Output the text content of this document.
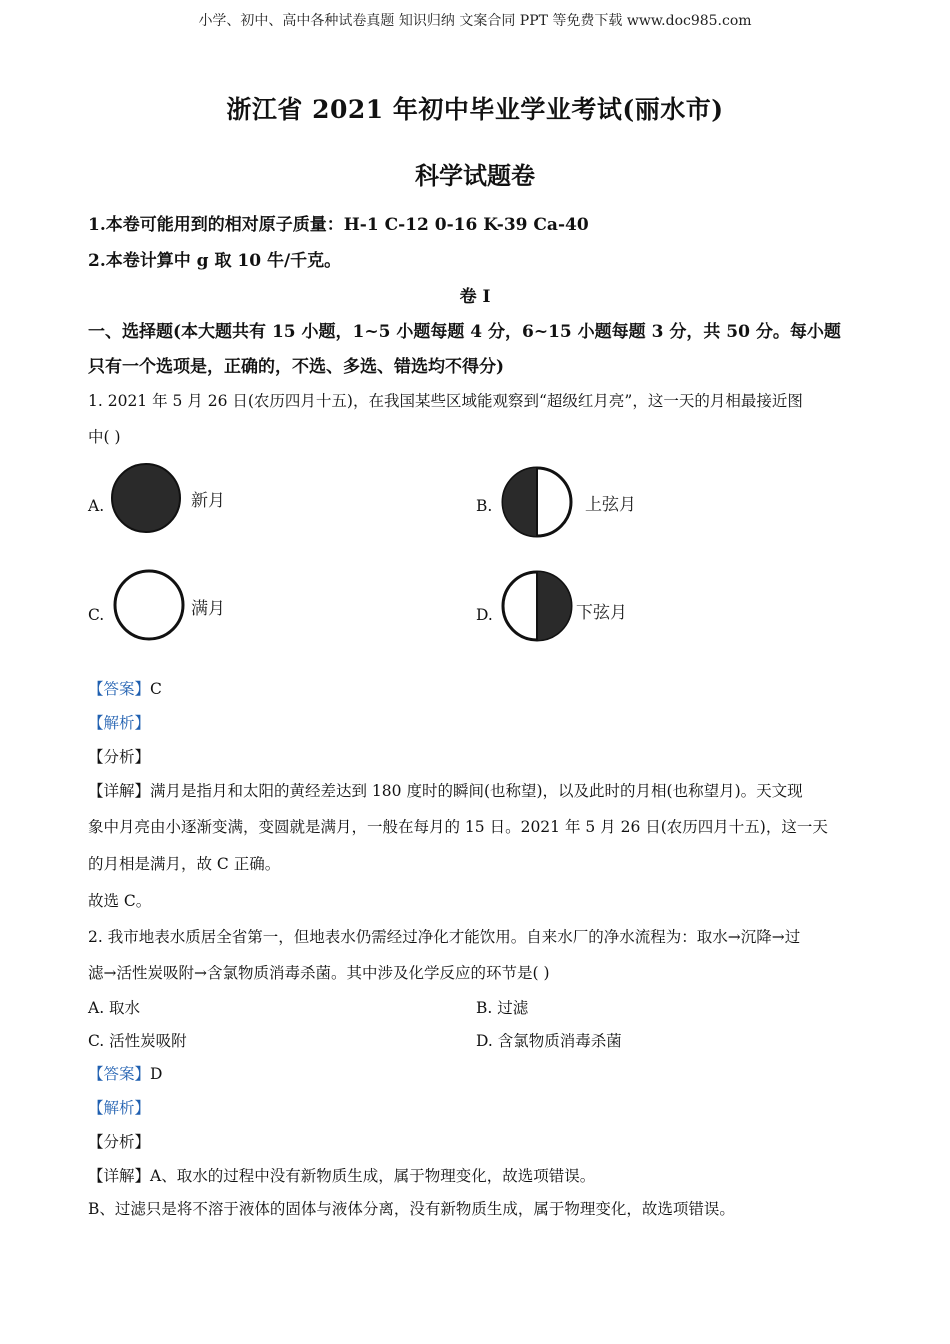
小学、初中、高中各种试卷真题 知识归纳 文案合同 PPT 等免费下载 www.doc985.com
浙江省 2021 年初中毕业学业考试(丽水市)
科学试题卷
1.本卷可能用到的相对原子质量：H-1 C-12 0-16 K-39 Ca-40
2.本卷计算中 g 取 10 牛/千克。
卷 I
一、选择题(本大题共有 15 小题，1~5 小题每题 4 分，6~15 小题每题 3 分，共 50 分。每小题
只有一个选项是，正确的，不选、多选、错选均不得分)
1. 2021 年 5 月 26 日(农历四月十五)，在我国某些区域能观察到“超级红月亮”，这一天的月相最接近图
中( )
A.	新月	B.	上弦月
C.	满月	D.	下弦月
【答案】C
【解析】
【分析】
【详解】满月是指月和太阳的黄经差达到 180 度时的瞬间(也称望)，以及此时的月相(也称望月)。天文现
象中月亮由小逐渐变满，变圆就是满月，一般在每月的 15 日。2021 年 5 月 26 日(农历四月十五)，这一天
的月相是满月，故 C 正确。
故选 C。
2. 我市地表水质居全省第一，但地表水仍需经过净化才能饮用。自来水厂的净水流程为：取水→沉降→过
滤→活性炭吸附→含氯物质消毒杀菌。其中涉及化学反应的环节是( )
A. 取水	B. 过滤
C. 活性炭吸附	D. 含氯物质消毒杀菌
【答案】D
【解析】
【分析】
【详解】A、取水的过程中没有新物质生成，属于物理变化，故选项错误。
B、过滤只是将不溶于液体的固体与液体分离，没有新物质生成，属于物理变化，故选项错误。
